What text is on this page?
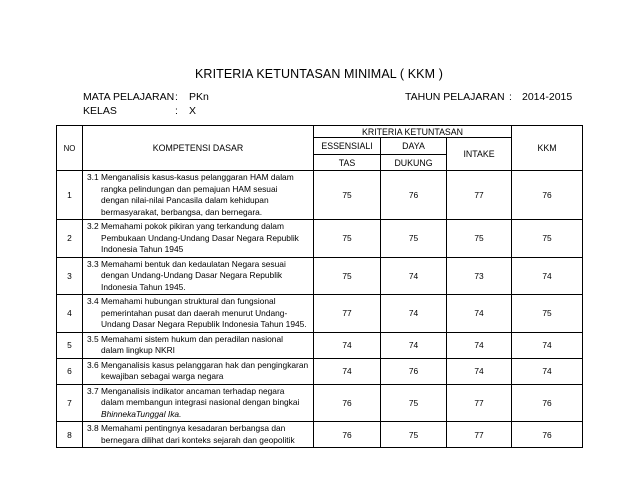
KRITERIA KETUNTASAN MINIMAL ( KKM )
MATA PELAJARAN : PKn
KELAS	: X
TAHUN PELAJARAN : 2014-2015
NO	KOMPETENSI DASAR	KRITERIA KETUNTASAN			KKM

		ESSENSIALI	DAYA	INTAKE	

		TAS	DUKUNG		

1	3.1 Menganalisis kasus-kasus pelanggaran HAM dalam
rangka pelindungan dan pemajuan HAM sesuai
dengan nilai-nilai Pancasila dalam kehidupan
bermasyarakat, berbangsa, dan bernegara.	75	76	77	76
2	3.2 Memahami pokok pikiran yang terkandung dalam
Pembukaan Undang-Undang Dasar Negara Republik
Indonesia Tahun 1945	75	75	75	75
3	3.3 Memahami bentuk dan kedaulatan Negara sesuai
dengan Undang-Undang Dasar Negara Republik
Indonesia Tahun 1945.	75	74	73	74
4	3.4 Memahami hubungan struktural dan fungsional
pemerintahan pusat dan daerah menurut Undang-
Undang Dasar Negara Republik Indonesia Tahun 1945.	77	74	74	75
5	3.5 Memahami sistem hukum dan peradilan nasional
dalam lingkup NKRI	74	74	74	74
6	3.6 Menganalisis kasus pelanggaran hak dan pengingkaran
kewajiban sebagai warga negara	74	76	74	74
7	3.7 Menganalisis indikator ancaman terhadap negara
dalam membangun integrasi nasional dengan bingkai
BhinnekaTunggal Ika.	76	75	77	76
8	3.8 Memahami pentingnya kesadaran berbangsa dan
bernegara dilihat dari konteks sejarah dan geopolitik	76	75	77	76
